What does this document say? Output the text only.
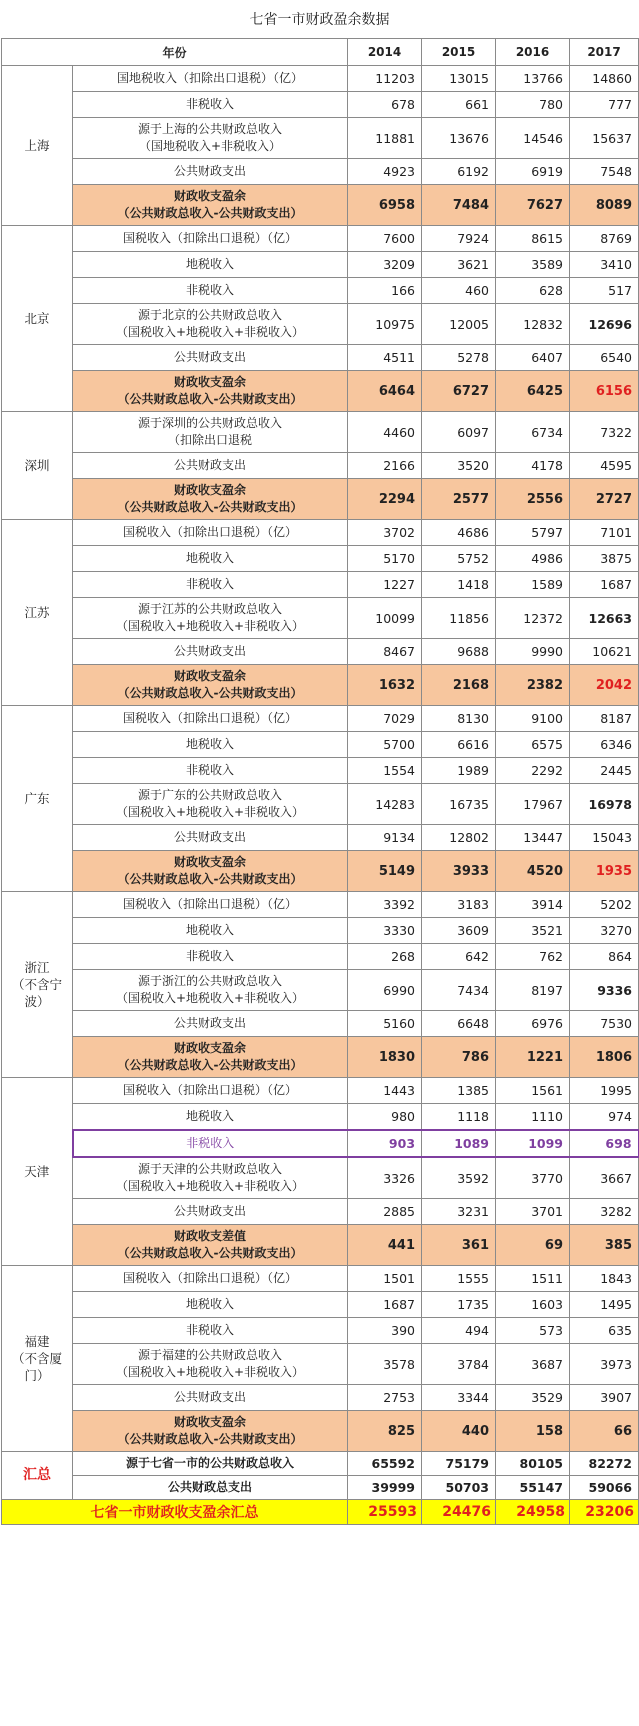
七省一市财政盈余数据
年份		2014	2015	2016	2017
上海	国地税收入（扣除出口退税）（亿）	11203	13015	13766	14860
	非税收入	678	661	780	777
	源于上海的公共财政总收入
（国地税收入+非税收入）	11881	13676	14546	15637
	公共财政支出	4923	6192	6919	7548
	财政收支盈余
（公共财政总收入-公共财政支出）	6958	7484	7627	8089
北京	国税收入（扣除出口退税）（亿）	7600	7924	8615	8769
	地税收入	3209	3621	3589	3410
	非税收入	166	460	628	517
	源于北京的公共财政总收入
（国税收入+地税收入+非税收入）	10975	12005	12832	12696
	公共财政支出	4511	5278	6407	6540
	财政收支盈余
（公共财政总收入-公共财政支出）	6464	6727	6425	6156
深圳	源于深圳的公共财政总收入
（扣除出口退税	4460	6097	6734	7322
	公共财政支出	2166	3520	4178	4595
	财政收支盈余
（公共财政总收入-公共财政支出）	2294	2577	2556	2727
江苏	国税收入（扣除出口退税）（亿）	3702	4686	5797	7101
	地税收入	5170	5752	4986	3875
	非税收入	1227	1418	1589	1687
	源于江苏的公共财政总收入
（国税收入+地税收入+非税收入）	10099	11856	12372	12663
	公共财政支出	8467	9688	9990	10621
	财政收支盈余
（公共财政总收入-公共财政支出）	1632	2168	2382	2042
广东	国税收入（扣除出口退税）（亿）	7029	8130	9100	8187
	地税收入	5700	6616	6575	6346
	非税收入	1554	1989	2292	2445
	源于广东的公共财政总收入
（国税收入+地税收入+非税收入）	14283	16735	17967	16978
	公共财政支出	9134	12802	13447	15043
	财政收支盈余
（公共财政总收入-公共财政支出）	5149	3933	4520	1935
浙江
（不含宁
波）	国税收入（扣除出口退税）（亿）	3392	3183	3914	5202
	地税收入	3330	3609	3521	3270
	非税收入	268	642	762	864
	源于浙江的公共财政总收入
（国税收入+地税收入+非税收入）	6990	7434	8197	9336
	公共财政支出	5160	6648	6976	7530
	财政收支盈余
（公共财政总收入-公共财政支出）	1830	786	1221	1806
天津	国税收入（扣除出口退税）（亿）	1443	1385	1561	1995
	地税收入	980	1118	1110	974
	非税收入	903	1089	1099	698
	源于天津的公共财政总收入
（国税收入+地税收入+非税收入）	3326	3592	3770	3667
	公共财政支出	2885	3231	3701	3282
	财政收支差值
（公共财政总收入-公共财政支出）	441	361	69	385
福建
（不含厦
门）	国税收入（扣除出口退税）（亿）	1501	1555	1511	1843
	地税收入	1687	1735	1603	1495
	非税收入	390	494	573	635
	源于福建的公共财政总收入
（国税收入+地税收入+非税收入）	3578	3784	3687	3973
	公共财政支出	2753	3344	3529	3907
	财政收支盈余
（公共财政总收入-公共财政支出）	825	440	158	66
汇总	源于七省一市的公共财政总收入	65592	75179	80105	82272
	公共财政总支出	39999	50703	55147	59066
七省一市财政收支盈余汇总		25593	24476	24958	23206
